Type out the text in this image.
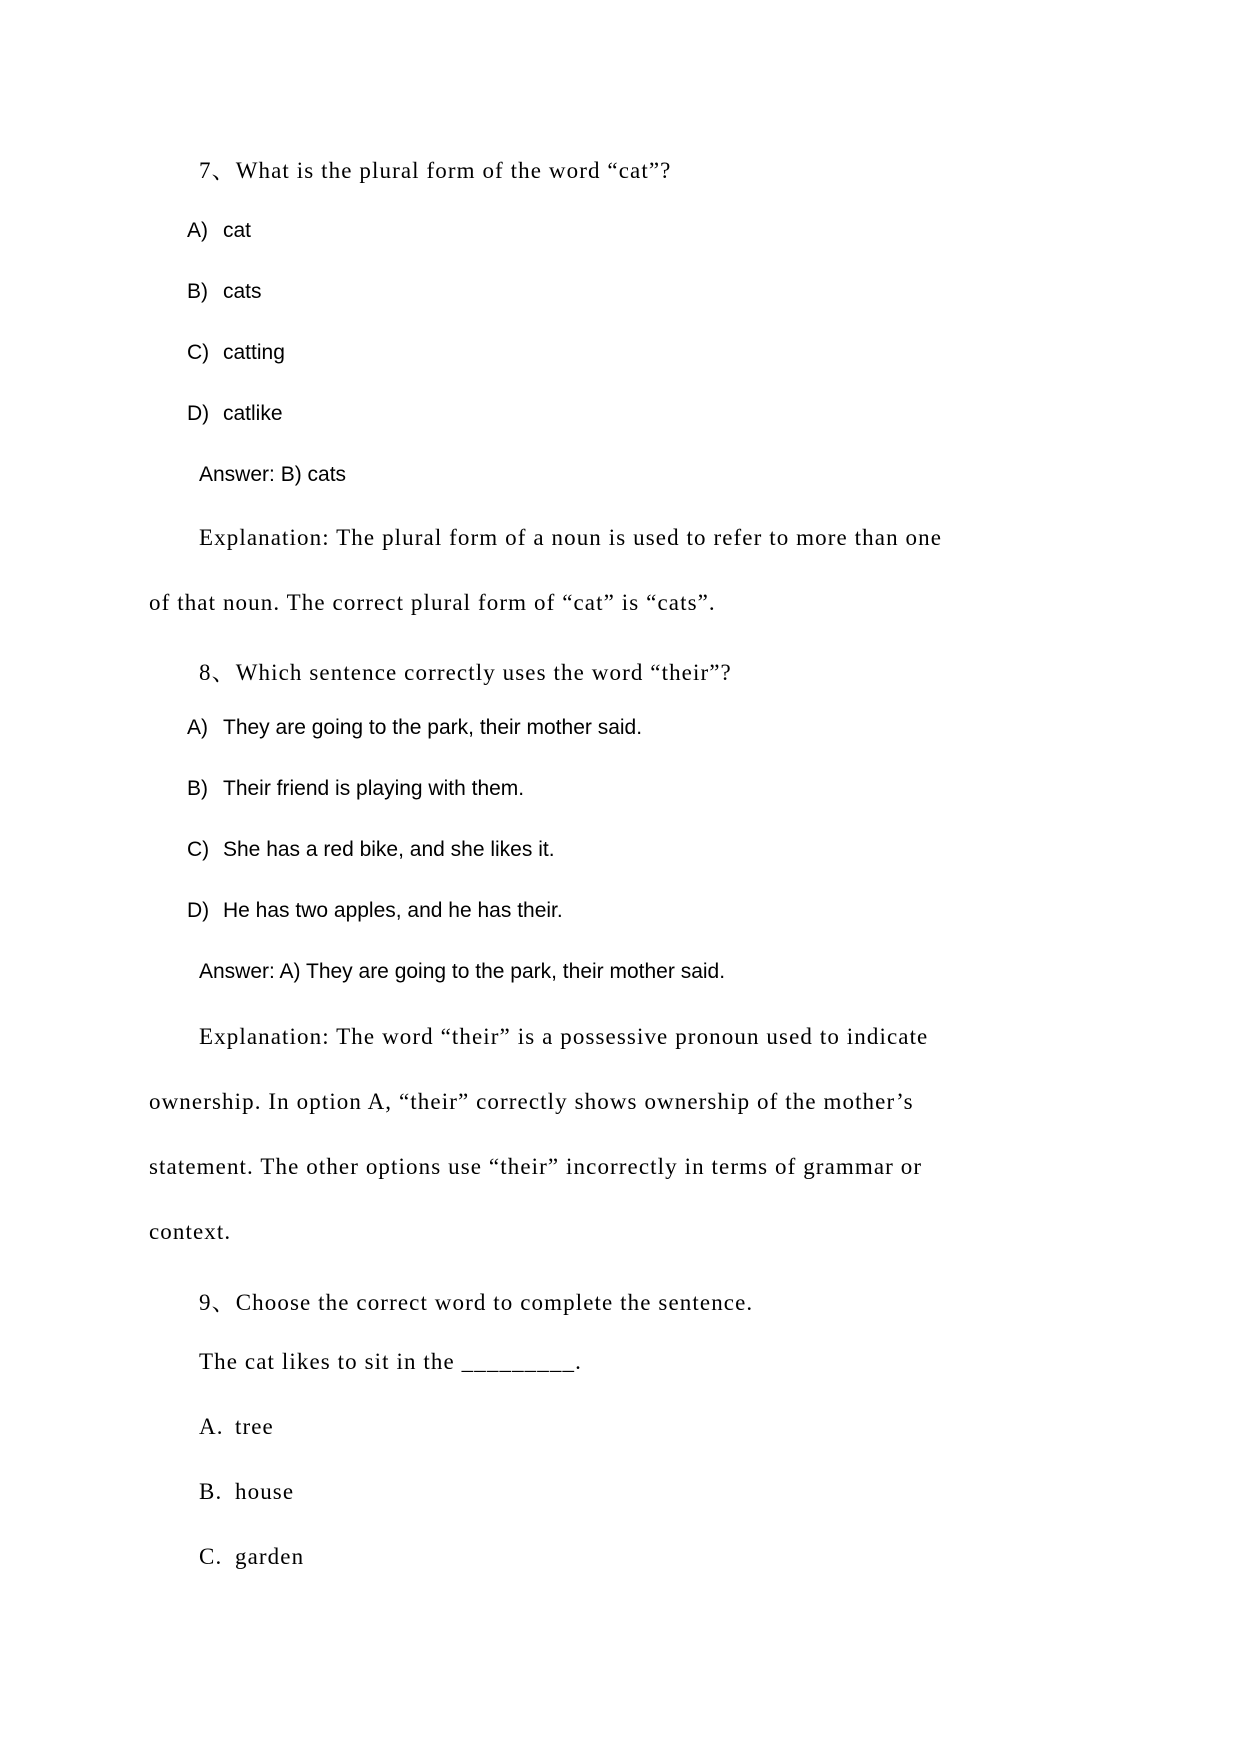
7、What is the plural form of the word “cat”?

A) cat

B) cats

C) catting

D) catlike

Answer: B) cats

Explanation: The plural form of a noun is used to refer to more than one

of that noun. The correct plural form of “cat” is “cats”.

8、Which sentence correctly uses the word “their”?

A) They are going to the park, their mother said.

B) Their friend is playing with them.

C) She has a red bike, and she likes it.

D) He has two apples, and he has their.

Answer: A) They are going to the park, their mother said.

Explanation: The word “their” is a possessive pronoun used to indicate

ownership. In option A, “their” correctly shows ownership of the mother’s

statement. The other options use “their” incorrectly in terms of grammar or

context.

9、Choose the correct word to complete the sentence.

The cat likes to sit in the _________.

A. tree

B. house

C. garden
